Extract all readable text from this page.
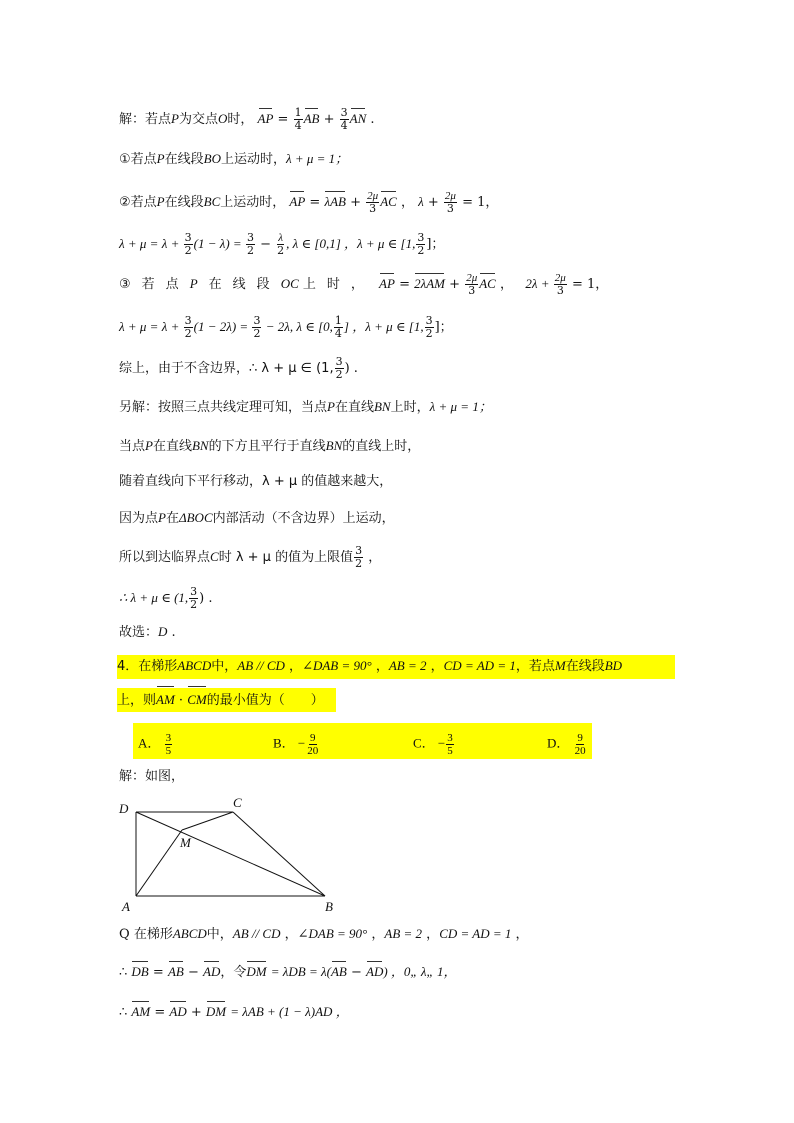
解：若点P为交点O时， AP = $\frac{1}{4}$ AB + $\frac{3}{4}$ AN .
①若点P在线段BO上运动时，λ + μ = 1；
②若点P在线段BC上运动时， AP = $\lambda AB + \frac{2\mu}{3}$ AC ， $\lambda + \frac{2\mu}{3} = 1$，
$\lambda + \mu = \lambda + \frac{3}{2} (1 - \lambda) = \frac{3}{2} - \frac{\lambda}{2}$ , λ ∈ [0,1] ，λ + μ ∈ [1, $\frac{3}{2}$ ]；
③若点P在线段OC 上时， AP = $2\lambda AM + \frac{2\mu}{3}$ AC ， $2\lambda + \frac{2\mu}{3} = 1$，
$\lambda + \mu = \lambda + \frac{3}{2} (1 - 2\lambda) = \frac{3}{2} - 2\lambda$, λ ∈ [0, $\frac{1}{4}$ ] ，λ + μ ∈ [1, $\frac{3}{2}$ ]；
综上，由于不含边界，∴ λ + μ ∈ (1, $\frac{3}{2}$ ) .
另解：按照三点共线定理可知，当点P在直线BN上时，λ + μ = 1；
当点P在直线BN的下方且平行于直线BN的直线上时，
随着直线向下平行移动，λ + μ 的值越来越大，
因为点P在ΔBOC内部活动（不含边界）上运动，
所以到达临界点C时 λ + μ 的值为上限值 $\frac{3}{2}$ ，
∴ λ + μ ∈ (1, $\frac{3}{2}$ ) .
故选：D .
4．在梯形ABCD中，AB // CD ，∠DAB = 90° ，AB = 2 ，CD = AD = 1，若点M在线段BD
上，则AM · CM的最小值为（　　）
A． $\frac{3}{5}$	B． − $\frac{9}{20}$	C． − $\frac{3}{5}$	D． $\frac{9}{20}$
解：如图，
D	C
M
A	B
Q 在梯形ABCD中，AB // CD ，∠DAB = 90° ，AB = 2 ，CD = AD = 1 ，
∴ DB = AB − AD，令DM = λDB = λ(AB − AD) ，0„ λ„ 1，
∴ AM = AD + DM = λAB + (1 − λ)AD ，
